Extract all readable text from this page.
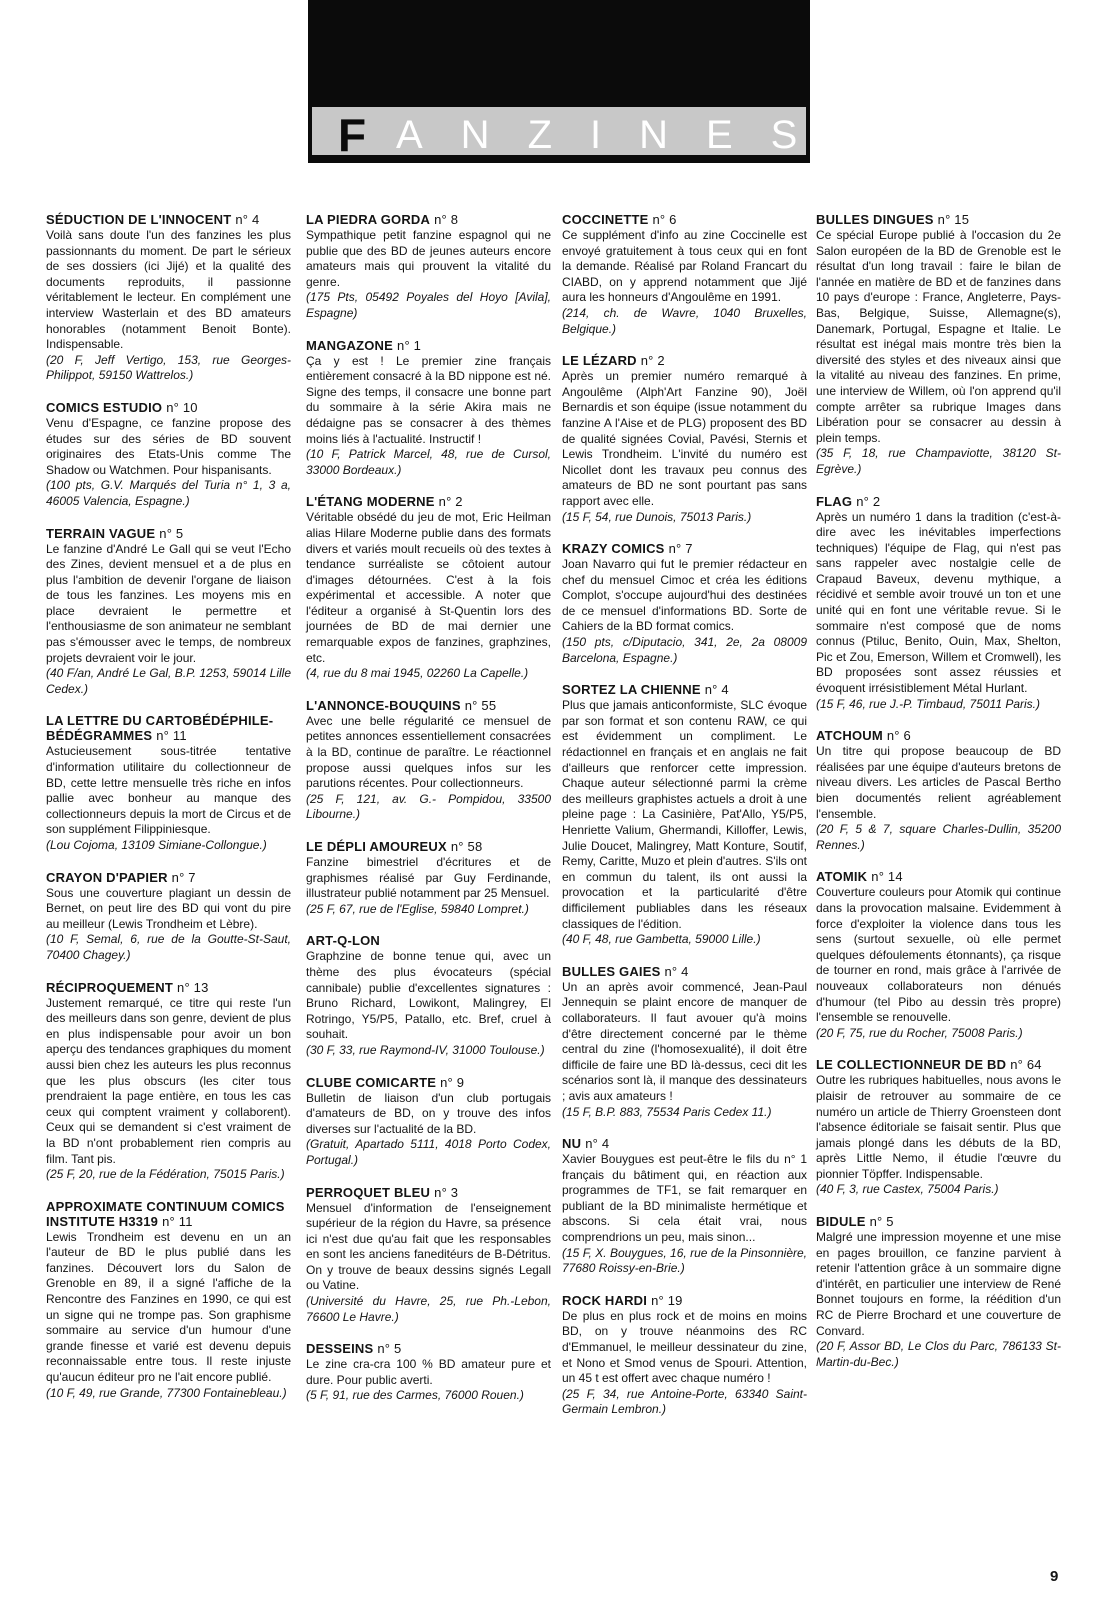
F ANZINES
SÉDUCTION DE L'INNOCENT n° 4

Voilà sans doute l'un des fanzines les plus passionnants du moment. De part le sérieux de ses dossiers (ici Jijé) et la qualité des documents reproduits, il passionne véritablement le lecteur. En complément une interview Wasterlain et des BD amateurs honorables (notamment Benoit Bonte). Indispensable.

(20 F, Jeff Vertigo, 153, rue Georges-Philippot, 59150 Wattrelos.)

COMICS ESTUDIO n° 10

Venu d'Espagne, ce fanzine propose des études sur des séries de BD souvent originaires des Etats-Unis comme The Shadow ou Watchmen. Pour hispanisants.

(100 pts, G.V. Marqués del Turia n° 1, 3 a, 46005 Valencia, Espagne.)

TERRAIN VAGUE n° 5

Le fanzine d'André Le Gall qui se veut l'Echo des Zines, devient mensuel et a de plus en plus l'ambition de devenir l'organe de liaison de tous les fanzines. Les moyens mis en place devraient le permettre et l'enthousiasme de son animateur ne semblant pas s'émousser avec le temps, de nombreux projets devraient voir le jour.

(40 F/an, André Le Gal, B.P. 1253, 59014 Lille Cedex.)

LA LETTRE DU CARTOBÉDÉPHILE-BÉDÉGRAMMES n° 11

Astucieusement sous-titrée tentative d'information utilitaire du collectionneur de BD, cette lettre mensuelle très riche en infos pallie avec bonheur au manque des collectionneurs depuis la mort de Circus et de son supplément Filippiniesque.

(Lou Cojoma, 13109 Simiane-Collongue.)

CRAYON D'PAPIER n° 7

Sous une couverture plagiant un dessin de Bernet, on peut lire des BD qui vont du pire au meilleur (Lewis Trondheim et Lèbre).

(10 F, Semal, 6, rue de la Goutte-St-Saut, 70400 Chagey.)

RÉCIPROQUEMENT n° 13

Justement remarqué, ce titre qui reste l'un des meilleurs dans son genre, devient de plus en plus indispensable pour avoir un bon aperçu des tendances graphiques du moment aussi bien chez les auteurs les plus reconnus que les plus obscurs (les citer tous prendraient la page entière, en tous les cas ceux qui comptent vraiment y collaborent). Ceux qui se demandent si c'est vraiment de la BD n'ont probablement rien compris au film. Tant pis.

(25 F, 20, rue de la Fédération, 75015 Paris.)

APPROXIMATE CONTINUUM COMICS INSTITUTE H3319 n° 11

Lewis Trondheim est devenu en un an l'auteur de BD le plus publié dans les fanzines. Découvert lors du Salon de Grenoble en 89, il a signé l'affiche de la Rencontre des Fanzines en 1990, ce qui est un signe qui ne trompe pas. Son graphisme sommaire au service d'un humour d'une grande finesse et varié est devenu depuis reconnaissable entre tous. Il reste injuste qu'aucun éditeur pro ne l'ait encore publié.

(10 F, 49, rue Grande, 77300 Fontainebleau.)

LA PIEDRA GORDA n° 8

Sympathique petit fanzine espagnol qui ne publie que des BD de jeunes auteurs encore amateurs mais qui prouvent la vitalité du genre.

(175 Pts, 05492 Poyales del Hoyo [Avila], Espagne)

MANGAZONE n° 1

Ça y est ! Le premier zine français entièrement consacré à la BD nippone est né. Signe des temps, il consacre une bonne part du sommaire à la série Akira mais ne dédaigne pas se consacrer à des thèmes moins liés à l'actualité. Instructif !

(10 F, Patrick Marcel, 48, rue de Cursol, 33000 Bordeaux.)

L'ÉTANG MODERNE n° 2

Véritable obsédé du jeu de mot, Eric Heilman alias Hilare Moderne publie dans des formats divers et variés moult recueils où des textes à tendance surréaliste se côtoient autour d'images détournées. C'est à la fois expérimental et accessible. A noter que l'éditeur a organisé à St-Quentin lors des journées de BD de mai dernier une remarquable expos de fanzines, graphzines, etc.

(4, rue du 8 mai 1945, 02260 La Capelle.)

L'ANNONCE-BOUQUINS n° 55

Avec une belle régularité ce mensuel de petites annonces essentiellement consacrées à la BD, continue de paraître. Le réactionnel propose aussi quelques infos sur les parutions récentes. Pour collectionneurs.

(25 F, 121, av. G.- Pompidou, 33500 Libourne.)

LE DÉPLI AMOUREUX n° 58

Fanzine bimestriel d'écritures et de graphismes réalisé par Guy Ferdinande, illustrateur publié notamment par 25 Mensuel.

(25 F, 67, rue de l'Eglise, 59840 Lompret.)

ART-Q-LON

Graphzine de bonne tenue qui, avec un thème des plus évocateurs (spécial cannibale) publie d'excellentes signatures : Bruno Richard, Lowikont, Malingrey, El Rotringo, Y5/P5, Patallo, etc. Bref, cruel à souhait.

(30 F, 33, rue Raymond-IV, 31000 Toulouse.)

CLUBE COMICARTE n° 9

Bulletin de liaison d'un club portugais d'amateurs de BD, on y trouve des infos diverses sur l'actualité de la BD.

(Gratuit, Apartado 5111, 4018 Porto Codex, Portugal.)

PERROQUET BLEU n° 3

Mensuel d'information de l'enseignement supérieur de la région du Havre, sa présence ici n'est due qu'au fait que les responsables en sont les anciens faneditéurs de B-Détritus. On y trouve de beaux dessins signés Legall ou Vatine.

(Université du Havre, 25, rue Ph.-Lebon, 76600 Le Havre.)

DESSEINS n° 5

Le zine cra-cra 100 % BD amateur pure et dure. Pour public averti.

(5 F, 91, rue des Carmes, 76000 Rouen.)

COCCINETTE n° 6

Ce supplément d'info au zine Coccinelle est envoyé gratuitement à tous ceux qui en font la demande. Réalisé par Roland Francart du CIABD, on y apprend notamment que Jijé aura les honneurs d'Angoulême en 1991.

(214, ch. de Wavre, 1040 Bruxelles, Belgique.)

LE LÉZARD n° 2

Après un premier numéro remarqué à Angoulême (Alph'Art Fanzine 90), Joël Bernardis et son équipe (issue notamment du fanzine A l'Aise et de PLG) proposent des BD de qualité signées Covial, Pavési, Sternis et Lewis Trondheim. L'invité du numéro est Nicollet dont les travaux peu connus des amateurs de BD ne sont pourtant pas sans rapport avec elle.

(15 F, 54, rue Dunois, 75013 Paris.)

KRAZY COMICS n° 7

Joan Navarro qui fut le premier rédacteur en chef du mensuel Cimoc et créa les éditions Complot, s'occupe aujourd'hui des destinées de ce mensuel d'informations BD. Sorte de Cahiers de la BD format comics.

(150 pts, c/Diputacio, 341, 2e, 2a 08009 Barcelona, Espagne.)

SORTEZ LA CHIENNE n° 4

Plus que jamais anticonformiste, SLC évoque par son format et son contenu RAW, ce qui est évidemment un compliment. Le rédactionnel en français et en anglais ne fait d'ailleurs que renforcer cette impression. Chaque auteur sélectionné parmi la crème des meilleurs graphistes actuels a droit à une pleine page : La Casinière, Pat'Allo, Y5/P5, Henriette Valium, Ghermandi, Killoffer, Lewis, Julie Doucet, Malingrey, Matt Konture, Soutif, Remy, Caritte, Muzo et plein d'autres. S'ils ont en commun du talent, ils ont aussi la provocation et la particularité d'être difficilement publiables dans les réseaux classiques de l'édition.

(40 F, 48, rue Gambetta, 59000 Lille.)

BULLES GAIES n° 4

Un an après avoir commencé, Jean-Paul Jennequin se plaint encore de manquer de collaborateurs. Il faut avouer qu'à moins d'être directement concerné par le thème central du zine (l'homosexualité), il doit être difficile de faire une BD là-dessus, ceci dit les scénarios sont là, il manque des dessinateurs ; avis aux amateurs !

(15 F, B.P. 883, 75534 Paris Cedex 11.)

NU n° 4

Xavier Bouygues est peut-être le fils du n° 1 français du bâtiment qui, en réaction aux programmes de TF1, se fait remarquer en publiant de la BD minimaliste hermétique et abscons. Si cela était vrai, nous comprendrions un peu, mais sinon...

(15 F, X. Bouygues, 16, rue de la Pinsonnière, 77680 Roissy-en-Brie.)

ROCK HARDI n° 19

De plus en plus rock et de moins en moins BD, on y trouve néanmoins des RC d'Emmanuel, le meilleur dessinateur du zine, et Nono et Smod venus de Spouri. Attention, un 45 t est offert avec chaque numéro !

(25 F, 34, rue Antoine-Porte, 63340 Saint-Germain Lembron.)

BULLES DINGUES n° 15

Ce spécial Europe publié à l'occasion du 2e Salon européen de la BD de Grenoble est le résultat d'un long travail : faire le bilan de l'année en matière de BD et de fanzines dans 10 pays d'europe : France, Angleterre, Pays-Bas, Belgique, Suisse, Allemagne(s), Danemark, Portugal, Espagne et Italie. Le résultat est inégal mais montre très bien la diversité des styles et des niveaux ainsi que la vitalité au niveau des fanzines. En prime, une interview de Willem, où l'on apprend qu'il compte arrêter sa rubrique Images dans Libération pour se consacrer au dessin à plein temps.

(35 F, 18, rue Champaviotte, 38120 St-Egrève.)

FLAG n° 2

Après un numéro 1 dans la tradition (c'est-à-dire avec les inévitables imperfections techniques) l'équipe de Flag, qui n'est pas sans rappeler avec nostalgie celle de Crapaud Baveux, devenu mythique, a récidivé et semble avoir trouvé un ton et une unité qui en font une véritable revue. Si le sommaire n'est composé que de noms connus (Ptiluc, Benito, Ouin, Max, Shelton, Pic et Zou, Emerson, Willem et Cromwell), les BD proposées sont assez réussies et évoquent irrésistiblement Métal Hurlant.

(15 F, 46, rue J.-P. Timbaud, 75011 Paris.)

ATCHOUM n° 6

Un titre qui propose beaucoup de BD réalisées par une équipe d'auteurs bretons de niveau divers. Les articles de Pascal Bertho bien documentés relient agréablement l'ensemble.

(20 F, 5 & 7, square Charles-Dullin, 35200 Rennes.)

ATOMIK n° 14

Couverture couleurs pour Atomik qui continue dans la provocation malsaine. Evidemment à force d'exploiter la violence dans tous les sens (surtout sexuelle, où elle permet quelques défoulements étonnants), ça risque de tourner en rond, mais grâce à l'arrivée de nouveaux collaborateurs non dénués d'humour (tel Pibo au dessin très propre) l'ensemble se renouvelle.

(20 F, 75, rue du Rocher, 75008 Paris.)

LE COLLECTIONNEUR DE BD n° 64

Outre les rubriques habituelles, nous avons le plaisir de retrouver au sommaire de ce numéro un article de Thierry Groensteen dont l'absence éditoriale se faisait sentir. Plus que jamais plongé dans les débuts de la BD, après Little Nemo, il étudie l'œuvre du pionnier Töpffer. Indispensable.

(40 F, 3, rue Castex, 75004 Paris.)

BIDULE n° 5

Malgré une impression moyenne et une mise en pages brouillon, ce fanzine parvient à retenir l'attention grâce à un sommaire digne d'intérêt, en particulier une interview de René Bonnet toujours en forme, la réédition d'un RC de Pierre Brochard et une couverture de Convard.

(20 F, Assor BD, Le Clos du Parc, 786133 St-Martin-du-Bec.)

9
